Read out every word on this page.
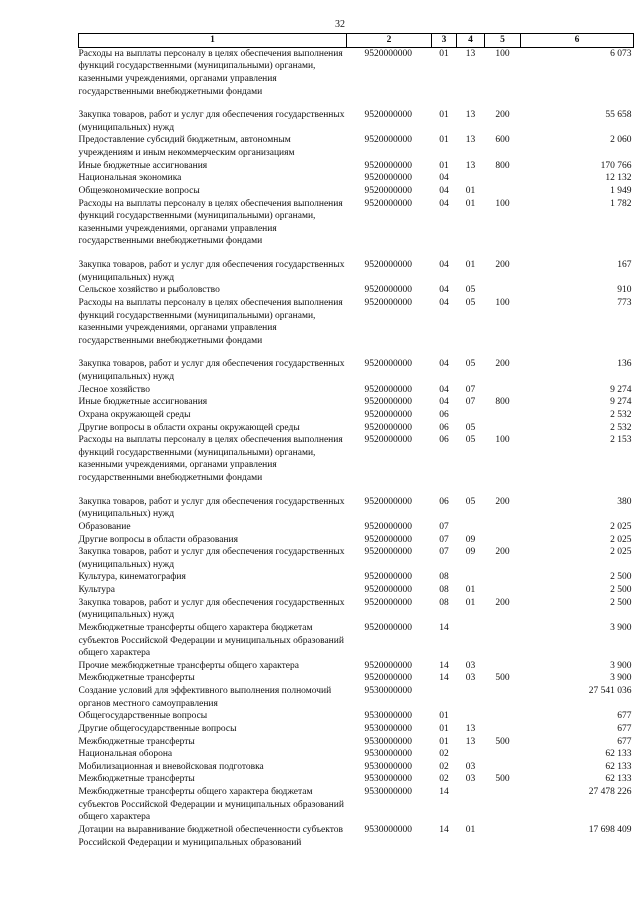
32
1	2	3	4	5	6
Расходы на выплаты персоналу в целях обеспечения выполнения функций государственными (муниципальными) органами, казенными учреждениями, органами управления государственными внебюджетными фондами	9520000000	01	13	100	6 073

Закупка товаров, работ и услуг для обеспечения государственных (муниципальных) нужд	9520000000	01	13	200	55 658
Предоставление субсидий бюджетным, автономным учреждениям и иным некоммерческим организациям	9520000000	01	13	600	2 060
Иные бюджетные ассигнования	9520000000	01	13	800	170 766
Национальная экономика	9520000000	04			12 132
Общеэкономические вопросы	9520000000	04	01		1 949
Расходы на выплаты персоналу в целях обеспечения выполнения функций государственными (муниципальными) органами, казенными учреждениями, органами управления государственными внебюджетными фондами	9520000000	04	01	100	1 782

Закупка товаров, работ и услуг для обеспечения государственных (муниципальных) нужд	9520000000	04	01	200	167
Сельское хозяйство и рыболовство	9520000000	04	05		910
Расходы на выплаты персоналу в целях обеспечения выполнения функций государственными (муниципальными) органами, казенными учреждениями, органами управления государственными внебюджетными фондами	9520000000	04	05	100	773

Закупка товаров, работ и услуг для обеспечения государственных (муниципальных) нужд	9520000000	04	05	200	136
Лесное хозяйство	9520000000	04	07		9 274
Иные бюджетные ассигнования	9520000000	04	07	800	9 274
Охрана окружающей среды	9520000000	06			2 532
Другие вопросы в области охраны окружающей среды	9520000000	06	05		2 532
Расходы на выплаты персоналу в целях обеспечения выполнения функций государственными (муниципальными) органами, казенными учреждениями, органами управления государственными внебюджетными фондами	9520000000	06	05	100	2 153

Закупка товаров, работ и услуг для обеспечения государственных (муниципальных) нужд	9520000000	06	05	200	380
Образование	9520000000	07			2 025
Другие вопросы в области образования	9520000000	07	09		2 025
Закупка товаров, работ и услуг для обеспечения государственных (муниципальных) нужд	9520000000	07	09	200	2 025
Культура, кинематография	9520000000	08			2 500
Культура	9520000000	08	01		2 500
Закупка товаров, работ и услуг для обеспечения государственных (муниципальных) нужд	9520000000	08	01	200	2 500
Межбюджетные трансферты общего характера бюджетам субъектов Российской Федерации и муниципальных образований общего характера	9520000000	14			3 900
Прочие межбюджетные трансферты общего характера	9520000000	14	03		3 900
Межбюджетные трансферты	9520000000	14	03	500	3 900
Создание условий для эффективного выполнения полномочий органов местного самоуправления	9530000000				27 541 036
Общегосударственные вопросы	9530000000	01			677
Другие общегосударственные вопросы	9530000000	01	13		677
Межбюджетные трансферты	9530000000	01	13	500	677
Национальная оборона	9530000000	02			62 133
Мобилизационная и вневойсковая подготовка	9530000000	02	03		62 133
Межбюджетные трансферты	9530000000	02	03	500	62 133
Межбюджетные трансферты общего характера бюджетам субъектов Российской Федерации и муниципальных образований общего характера	9530000000	14			27 478 226
Дотации на выравнивание бюджетной обеспеченности субъектов Российской Федерации и муниципальных образований	9530000000	14	01		17 698 409
